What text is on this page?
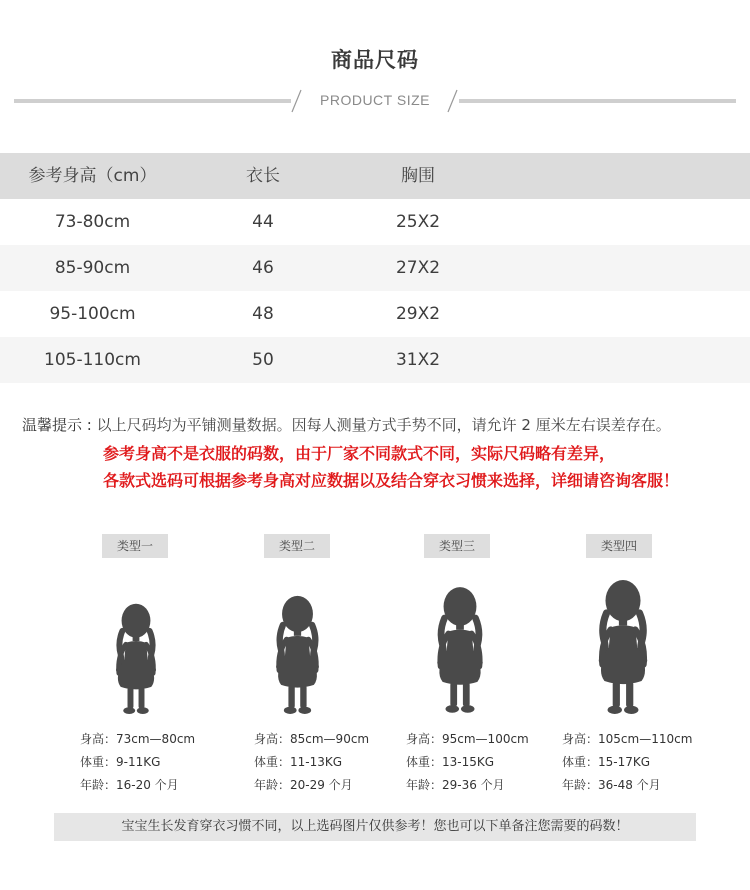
商品尺码
PRODUCT SIZE
参考身高（cm）	衣长	胸围
73-80cm	44	25X2
85-90cm	46	27X2
95-100cm	48	29X2
105-110cm	50	31X2
温馨提示 : 以上尺码均为平铺测量数据。因每人测量方式手势不同，请允许 2 厘米左右误差存在。
参考身高不是衣服的码数，由于厂家不同款式不同，实际尺码略有差异，
各款式选码可根据参考身高对应数据以及结合穿衣习惯来选择，详细请咨询客服！
类型一	类型二	类型三	类型四
身高：73cm—80cm
体重：9-11KG
年龄：16-20 个月
身高：85cm—90cm
体重：11-13KG
年龄：20-29 个月
身高：95cm—100cm
体重：13-15KG
年龄：29-36 个月
身高：105cm—110cm
体重：15-17KG
年龄：36-48 个月
宝宝生长发育穿衣习惯不同，以上选码图片仅供参考！您也可以下单备注您需要的码数！
